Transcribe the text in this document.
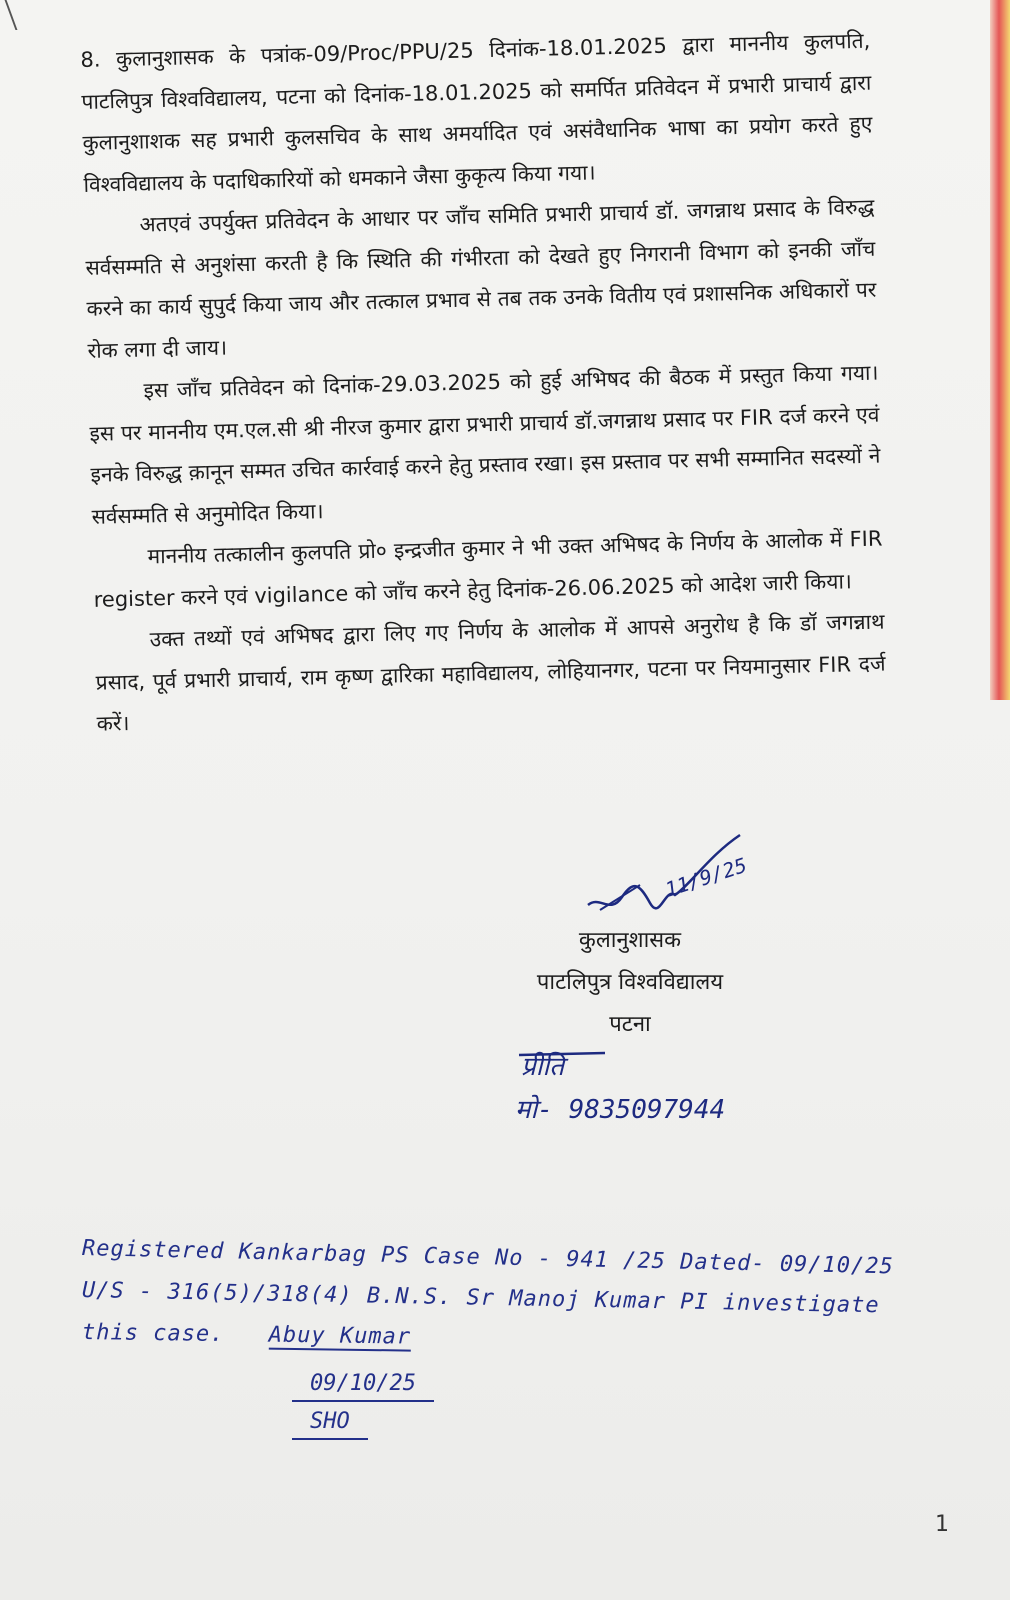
8. कुलानुशासक के पत्रांक-09/Proc/PPU/25 दिनांक-18.01.2025 द्वारा माननीय कुलपति, पाटलिपुत्र विश्वविद्यालय, पटना को दिनांक-18.01.2025 को समर्पित प्रतिवेदन में प्रभारी प्राचार्य द्वारा कुलानुशाशक सह प्रभारी कुलसचिव के साथ अमर्यादित एवं असंवैधानिक भाषा का प्रयोग करते हुए विश्वविद्यालय के पदाधिकारियों को धमकाने जैसा कुकृत्य किया गया।

अतएवं उपर्युक्त प्रतिवेदन के आधार पर जाँच समिति प्रभारी प्राचार्य डॉ. जगन्नाथ प्रसाद के विरुद्ध सर्वसम्मति से अनुशंसा करती है कि स्थिति की गंभीरता को देखते हुए निगरानी विभाग को इनकी जाँच करने का कार्य सुपुर्द किया जाय और तत्काल प्रभाव से तब तक उनके वितीय एवं प्रशासनिक अधिकारों पर रोक लगा दी जाय।

इस जाँच प्रतिवेदन को दिनांक-29.03.2025 को हुई अभिषद की बैठक में प्रस्तुत किया गया। इस पर माननीय एम.एल.सी श्री नीरज कुमार द्वारा प्रभारी प्राचार्य डॉ.जगन्नाथ प्रसाद पर FIR दर्ज करने एवं इनके विरुद्ध क़ानून सम्मत उचित कार्रवाई करने हेतु प्रस्ताव रखा। इस प्रस्ताव पर सभी सम्मानित सदस्यों ने सर्वसम्मति से अनुमोदित किया।

माननीय तत्कालीन कुलपति प्रो० इन्द्रजीत कुमार ने भी उक्त अभिषद के निर्णय के आलोक में FIR register करने एवं vigilance को जाँच करने हेतु दिनांक-26.06.2025 को आदेश जारी किया।

उक्त तथ्यों एवं अभिषद द्वारा लिए गए निर्णय के आलोक में आपसे अनुरोध है कि डॉ जगन्नाथ प्रसाद, पूर्व प्रभारी प्राचार्य, राम कृष्ण द्वारिका महाविद्यालय, लोहियानगर, पटना पर नियमानुसार FIR दर्ज करें।

11/9/25
कुलानुशासक
पाटलिपुत्र विश्वविद्यालय
पटना
प्रीति
मो- 9835097944
Registered Kankarbag PS Case No - 941 /25 Dated- 09/10/25
U/S - 316(5)/318(4) B.N.S. Sr Manoj Kumar PI investigate
this case. Abuy Kumar
09/10/25
SHO
1
